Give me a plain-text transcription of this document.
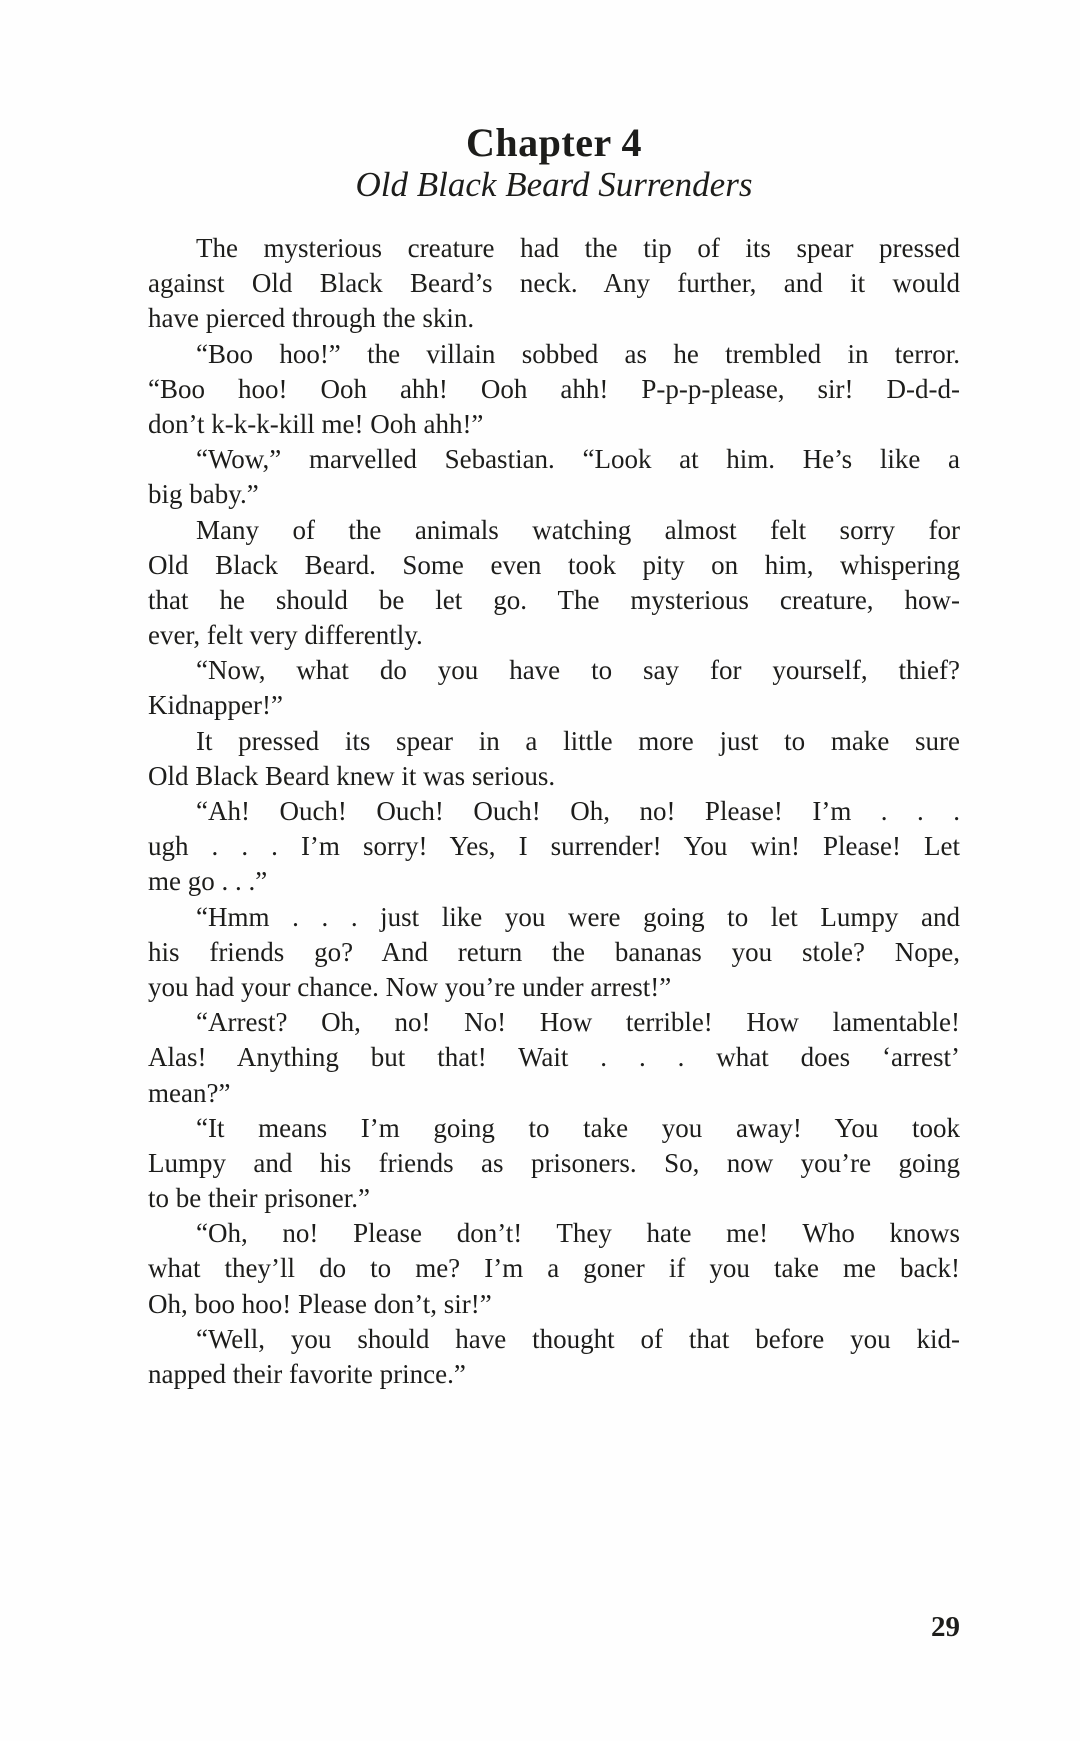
Chapter 4
Old Black Beard Surrenders

The mysterious creature had the tip of its spear pressed
against Old Black Beard’s neck. Any further, and it would
have pierced through the skin.

“Boo hoo!” the villain sobbed as he trembled in terror.
“Boo hoo! Ooh ahh! Ooh ahh! P-p-p-please, sir! D-d-d-
don’t k-k-k-kill me! Ooh ahh!”

“Wow,” marvelled Sebastian. “Look at him. He’s like a
big baby.”

Many of the animals watching almost felt sorry for
Old Black Beard. Some even took pity on him, whispering
that he should be let go. The mysterious creature, how-
ever, felt very differently.

“Now, what do you have to say for yourself, thief?
Kidnapper!”

It pressed its spear in a little more just to make sure
Old Black Beard knew it was serious.

“Ah! Ouch! Ouch! Ouch! Oh, no! Please! I’m . . .
ugh . . . I’m sorry! Yes, I surrender! You win! Please! Let
me go . . .”

“Hmm . . . just like you were going to let Lumpy and
his friends go? And return the bananas you stole? Nope,
you had your chance. Now you’re under arrest!”

“Arrest? Oh, no! No! How terrible! How lamentable!
Alas! Anything but that! Wait . . . what does ‘arrest’
mean?”

“It means I’m going to take you away! You took
Lumpy and his friends as prisoners. So, now you’re going
to be their prisoner.”

“Oh, no! Please don’t! They hate me! Who knows
what they’ll do to me? I’m a goner if you take me back!
Oh, boo hoo! Please don’t, sir!”

“Well, you should have thought of that before you kid-
napped their favorite prince.”

29
